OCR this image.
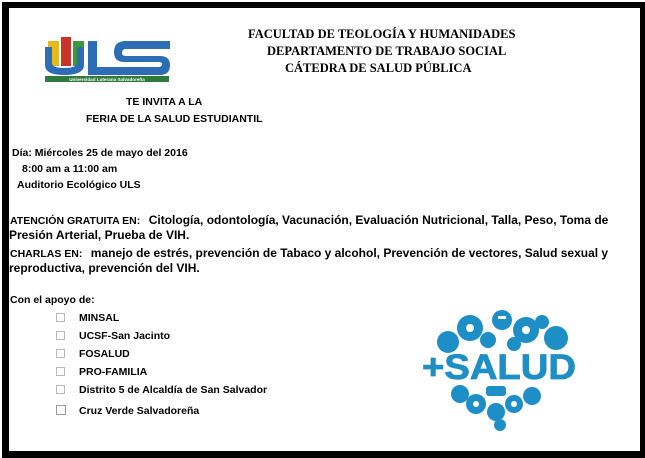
Universidad Luterana Salvadoreña
FACULTAD DE TEOLOGÍA Y HUMANIDADES
DEPARTAMENTO DE TRABAJO SOCIAL
CÁTEDRA DE SALUD PÚBLICA
TE INVITA A LA
FERIA DE LA SALUD ESTUDIANTIL
Día: Miércoles 25 de mayo del 2016
8:00 am a 11:00 am
Auditorio Ecológico ULS
ATENCIÓN GRATUITA EN: Citología, odontología, Vacunación, Evaluación Nutricional, Talla, Peso, Toma de
Presión Arterial, Prueba de VIH.
CHARLAS EN: manejo de estrés, prevención de Tabaco y alcohol, Prevención de vectores, Salud sexual y
reproductiva, prevención del VIH.
Con el apoyo de:
MINSAL
UCSF-San Jacinto
FOSALUD
PRO-FAMILIA
Distrito 5 de Alcaldía de San Salvador
Cruz Verde Salvadoreña
+SALUD
